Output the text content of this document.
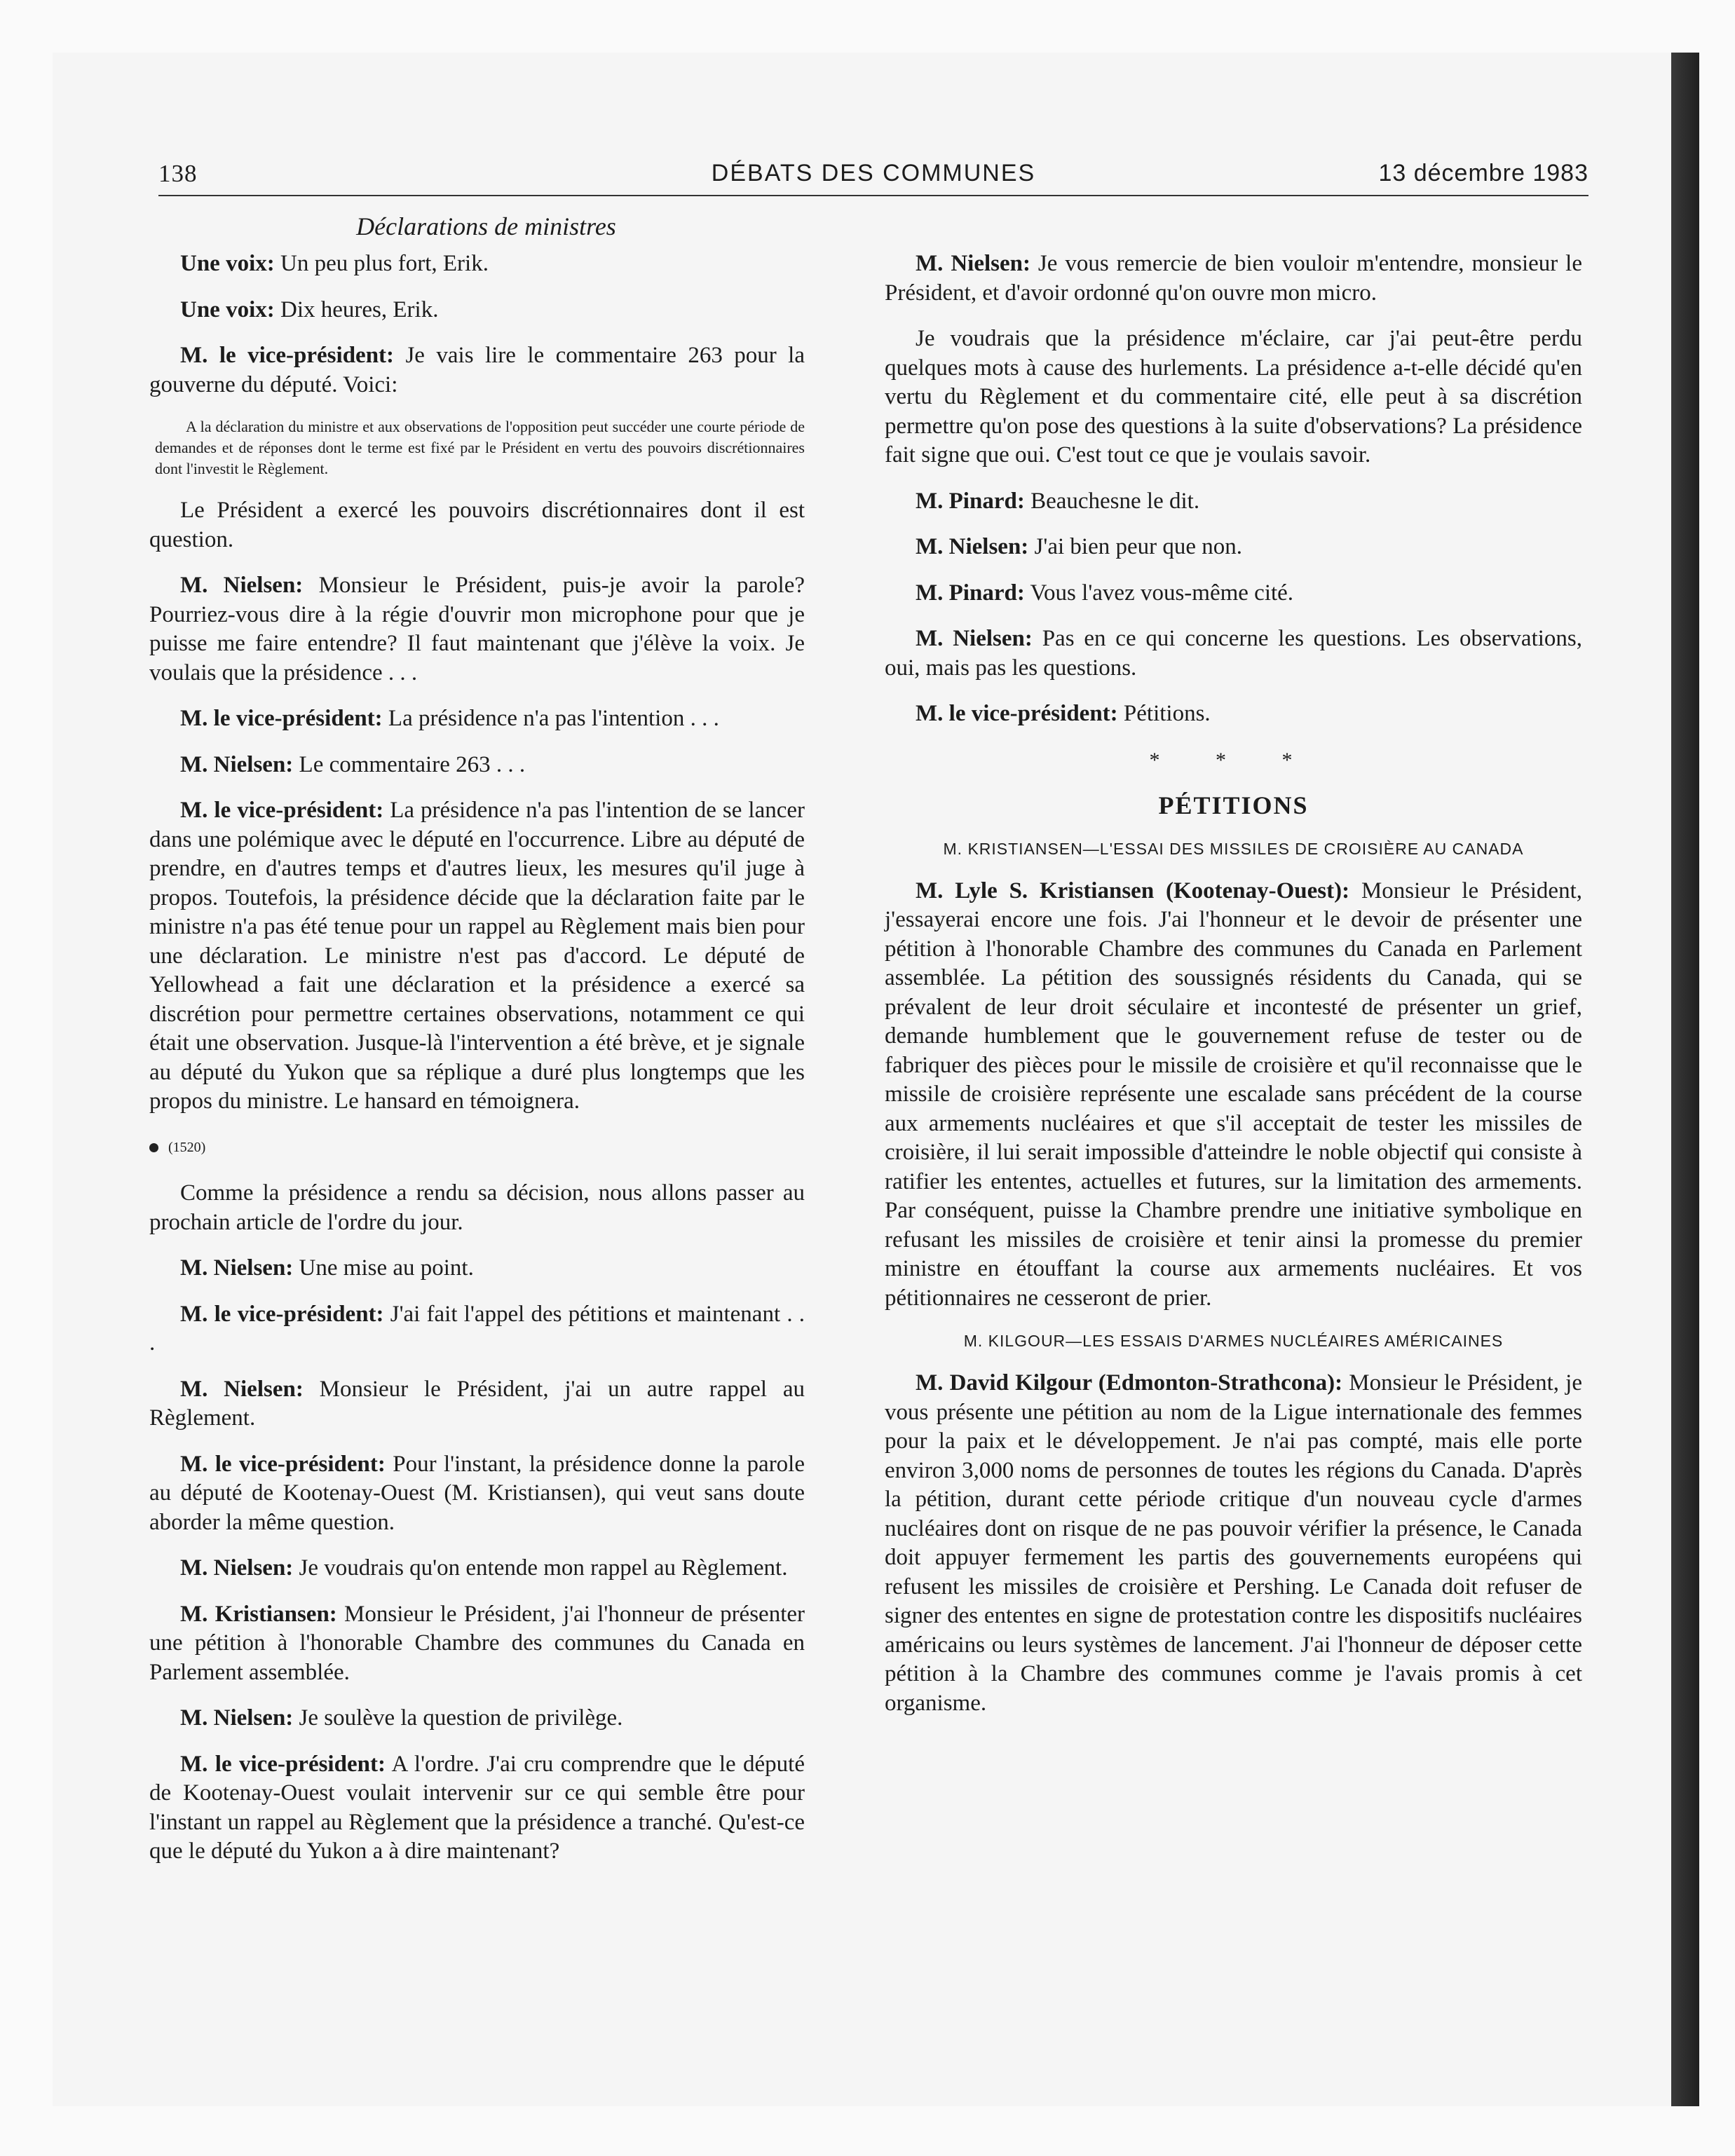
138	DÉBATS DES COMMUNES	13 décembre 1983
Déclarations de ministres

Une voix: Un peu plus fort, Erik.

Une voix: Dix heures, Erik.

M. le vice-président: Je vais lire le commentaire 263 pour la gouverne du député. Voici:

A la déclaration du ministre et aux observations de l'opposition peut succéder une courte période de demandes et de réponses dont le terme est fixé par le Président en vertu des pouvoirs discrétionnaires dont l'investit le Règlement.

Le Président a exercé les pouvoirs discrétionnaires dont il est question.

M. Nielsen: Monsieur le Président, puis-je avoir la parole? Pourriez-vous dire à la régie d'ouvrir mon microphone pour que je puisse me faire entendre? Il faut maintenant que j'élève la voix. Je voulais que la présidence . . .

M. le vice-président: La présidence n'a pas l'intention . . .

M. Nielsen: Le commentaire 263 . . .

M. le vice-président: La présidence n'a pas l'intention de se lancer dans une polémique avec le député en l'occurrence. Libre au député de prendre, en d'autres temps et d'autres lieux, les mesures qu'il juge à propos. Toutefois, la présidence décide que la déclaration faite par le ministre n'a pas été tenue pour un rappel au Règlement mais bien pour une déclaration. Le ministre n'est pas d'accord. Le député de Yellowhead a fait une déclaration et la présidence a exercé sa discrétion pour permettre certaines observations, notamment ce qui était une observation. Jusque-là l'intervention a été brève, et je signale au député du Yukon que sa réplique a duré plus longtemps que les propos du ministre. Le hansard en témoignera.

(1520)

Comme la présidence a rendu sa décision, nous allons passer au prochain article de l'ordre du jour.

M. Nielsen: Une mise au point.

M. le vice-président: J'ai fait l'appel des pétitions et maintenant . . .

M. Nielsen: Monsieur le Président, j'ai un autre rappel au Règlement.

M. le vice-président: Pour l'instant, la présidence donne la parole au député de Kootenay-Ouest (M. Kristiansen), qui veut sans doute aborder la même question.

M. Nielsen: Je voudrais qu'on entende mon rappel au Règlement.

M. Kristiansen: Monsieur le Président, j'ai l'honneur de présenter une pétition à l'honorable Chambre des communes du Canada en Parlement assemblée.

M. Nielsen: Je soulève la question de privilège.

M. le vice-président: A l'ordre. J'ai cru comprendre que le député de Kootenay-Ouest voulait intervenir sur ce qui semble être pour l'instant un rappel au Règlement que la présidence a tranché. Qu'est-ce que le député du Yukon a à dire maintenant?

M. Nielsen: Je vous remercie de bien vouloir m'entendre, monsieur le Président, et d'avoir ordonné qu'on ouvre mon micro.

Je voudrais que la présidence m'éclaire, car j'ai peut-être perdu quelques mots à cause des hurlements. La présidence a-t-elle décidé qu'en vertu du Règlement et du commentaire cité, elle peut à sa discrétion permettre qu'on pose des questions à la suite d'observations? La présidence fait signe que oui. C'est tout ce que je voulais savoir.

M. Pinard: Beauchesne le dit.

M. Nielsen: J'ai bien peur que non.

M. Pinard: Vous l'avez vous-même cité.

M. Nielsen: Pas en ce qui concerne les questions. Les observations, oui, mais pas les questions.

M. le vice-président: Pétitions.

* * *

PÉTITIONS

M. KRISTIANSEN—L'ESSAI DES MISSILES DE CROISIÈRE AU CANADA

M. Lyle S. Kristiansen (Kootenay-Ouest): Monsieur le Président, j'essayerai encore une fois. J'ai l'honneur et le devoir de présenter une pétition à l'honorable Chambre des communes du Canada en Parlement assemblée. La pétition des soussignés résidents du Canada, qui se prévalent de leur droit séculaire et incontesté de présenter un grief, demande humblement que le gouvernement refuse de tester ou de fabriquer des pièces pour le missile de croisière et qu'il reconnaisse que le missile de croisière représente une escalade sans précédent de la course aux armements nucléaires et que s'il acceptait de tester les missiles de croisière, il lui serait impossible d'atteindre le noble objectif qui consiste à ratifier les ententes, actuelles et futures, sur la limitation des armements. Par conséquent, puisse la Chambre prendre une initiative symbolique en refusant les missiles de croisière et tenir ainsi la promesse du premier ministre en étouffant la course aux armements nucléaires. Et vos pétitionnaires ne cesseront de prier.

M. KILGOUR—LES ESSAIS D'ARMES NUCLÉAIRES AMÉRICAINES

M. David Kilgour (Edmonton-Strathcona): Monsieur le Président, je vous présente une pétition au nom de la Ligue internationale des femmes pour la paix et le développement. Je n'ai pas compté, mais elle porte environ 3,000 noms de personnes de toutes les régions du Canada. D'après la pétition, durant cette période critique d'un nouveau cycle d'armes nucléaires dont on risque de ne pas pouvoir vérifier la présence, le Canada doit appuyer fermement les partis des gouvernements européens qui refusent les missiles de croisière et Pershing. Le Canada doit refuser de signer des ententes en signe de protestation contre les dispositifs nucléaires américains ou leurs systèmes de lancement. J'ai l'honneur de déposer cette pétition à la Chambre des communes comme je l'avais promis à cet organisme.
